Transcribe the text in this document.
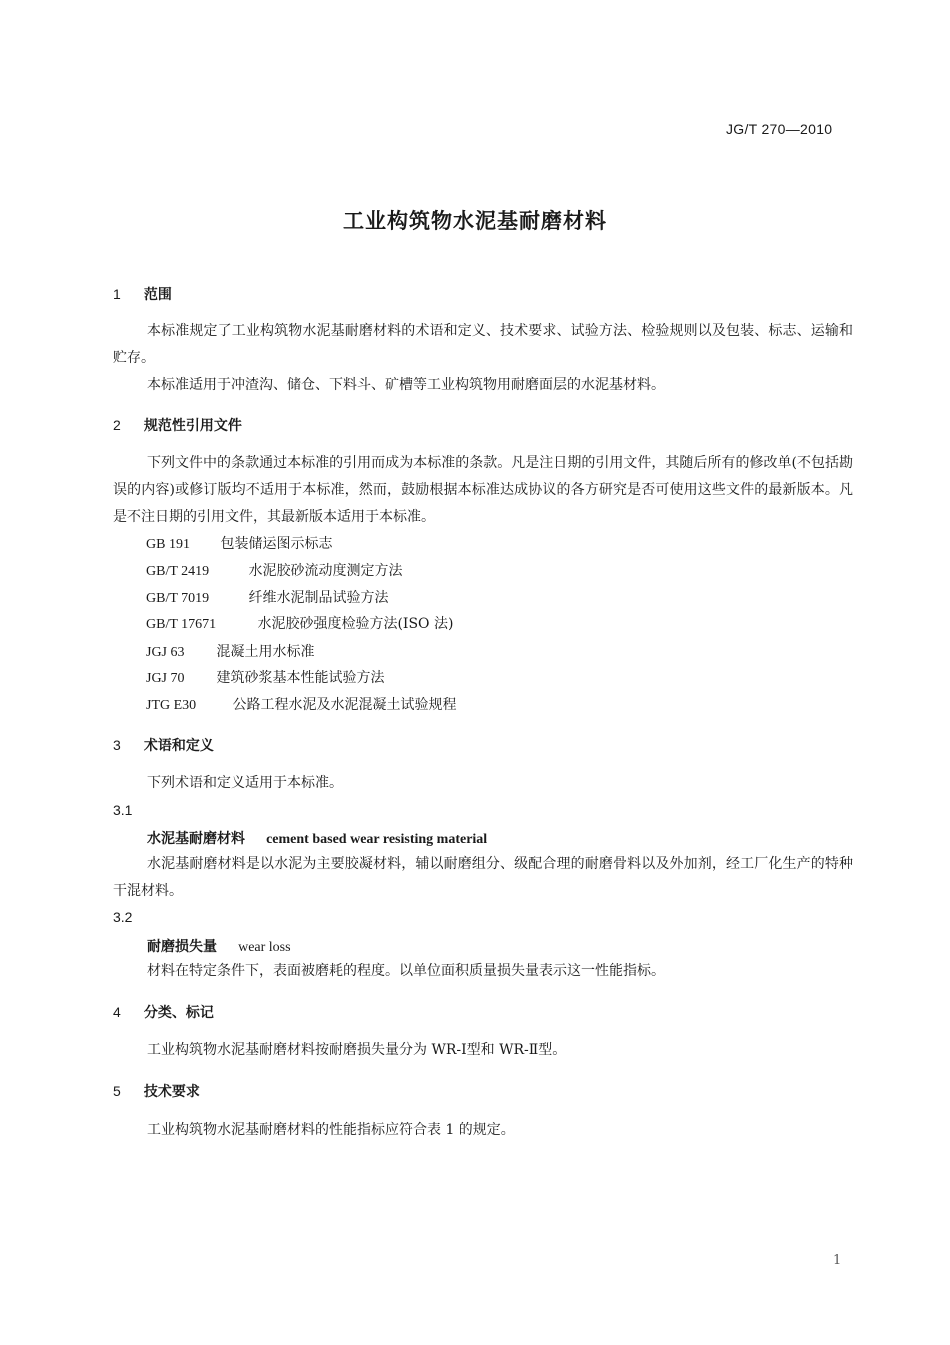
JG/T 270—2010
工业构筑物水泥基耐磨材料
1 范围
本标准规定了工业构筑物水泥基耐磨材料的术语和定义、技术要求、试验方法、检验规则以及包装、标志、运输和贮存。
本标准适用于冲渣沟、储仓、下料斗、矿槽等工业构筑物用耐磨面层的水泥基材料。
2 规范性引用文件
下列文件中的条款通过本标准的引用而成为本标准的条款。凡是注日期的引用文件，其随后所有的修改单(不包括勘误的内容)或修订版均不适用于本标准，然而，鼓励根据本标准达成协议的各方研究是否可使用这些文件的最新版本。凡是不注日期的引用文件，其最新版本适用于本标准。
GB 191 包装储运图示标志
GB/T 2419	水泥胶砂流动度测定方法
GB/T 7019	纤维水泥制品试验方法
GB/T 17671	水泥胶砂强度检验方法(ISO 法)
JGJ 63 混凝土用水标准
JGJ 70 建筑砂浆基本性能试验方法
JTG E30	公路工程水泥及水泥混凝土试验规程
3 术语和定义
下列术语和定义适用于本标准。
3.1
水泥基耐磨材料 cement based wear resisting material
水泥基耐磨材料是以水泥为主要胶凝材料，辅以耐磨组分、级配合理的耐磨骨料以及外加剂，经工厂化生产的特种干混材料。
3.2
耐磨损失量 wear loss
材料在特定条件下，表面被磨耗的程度。以单位面积质量损失量表示这一性能指标。
4 分类、标记
工业构筑物水泥基耐磨材料按耐磨损失量分为 WR-Ⅰ型和 WR-Ⅱ型。
5 技术要求
工业构筑物水泥基耐磨材料的性能指标应符合表 1 的规定。
1
